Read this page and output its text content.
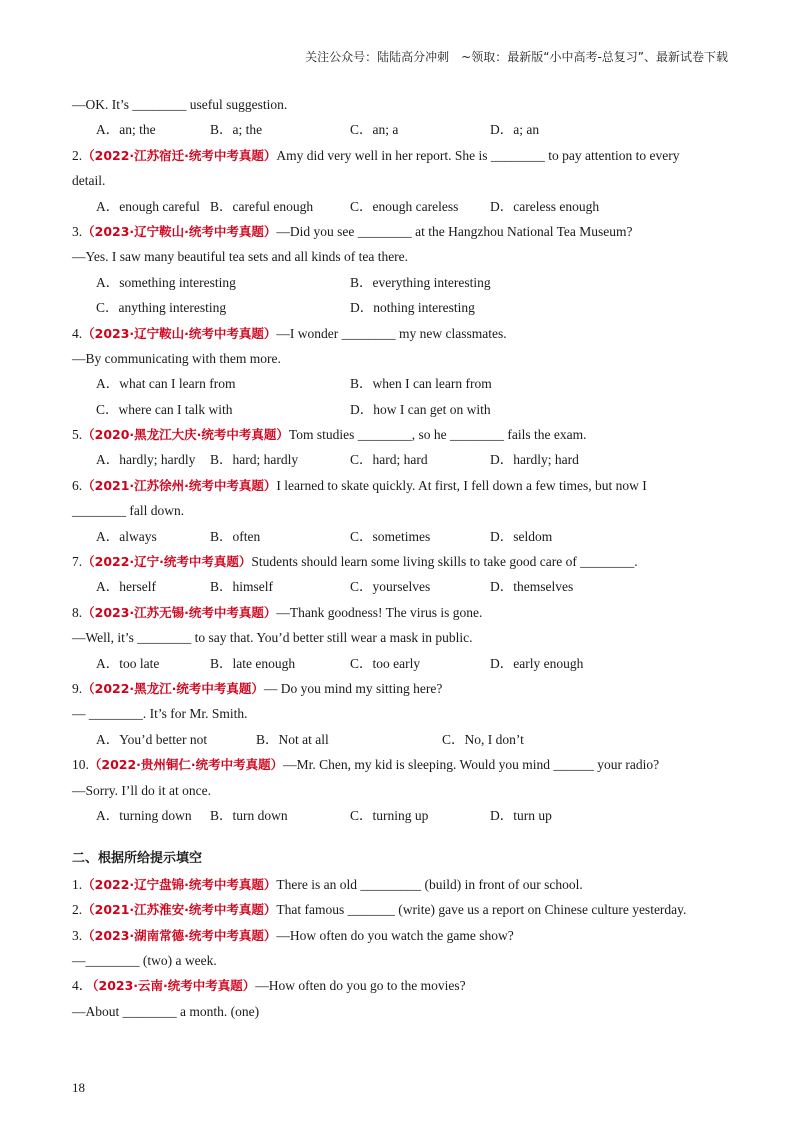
关注公众号：陆陆高分冲刺　~领取：最新版“小中高考-总复习”、最新试卷下载
—OK. It’s ________ useful suggestion.
A．an; the	B．a; the	C．an; a	D．a; an
2.（2022·江苏宿迁·统考中考真题）Amy did very well in her report. She is ________ to pay attention to every
detail.
A．enough careful B．careful enough	C．enough careless D．careless enough
3.（2023·辽宁鞍山·统考中考真题）—Did you see ________ at the Hangzhou National Tea Museum?
—Yes. I saw many beautiful tea sets and all kinds of tea there.
A．something interesting	B．everything interesting
C．anything interesting	D．nothing interesting
4.（2023·辽宁鞍山·统考中考真题）—I wonder ________ my new classmates.
—By communicating with them more.
A．what can I learn from	B．when I can learn from
C．where can I talk with	D．how I can get on with
5.（2020·黑龙江大庆·统考中考真题）Tom studies ________, so he ________ fails the exam.
A．hardly; hardly B．hard; hardly	C．hard; hard	D．hardly; hard
6.（2021·江苏徐州·统考中考真题）I learned to skate quickly. At first, I fell down a few times, but now I
________ fall down.
A．always	B．often	C．sometimes	D．seldom
7.（2022·辽宁·统考中考真题）Students should learn some living skills to take good care of ________.
A．herself	B．himself	C．yourselves	D．themselves
8.（2023·江苏无锡·统考中考真题）—Thank goodness! The virus is gone.
—Well, it’s ________ to say that. You’d better still wear a mask in public.
A．too late	B．late enough	C．too early	D．early enough
9.（2022·黑龙江·统考中考真题）— Do you mind my sitting here?
— ________. It’s for Mr. Smith.
A．You’d better not	B．Not at all	C．No, I don’t
10.（2022·贵州铜仁·统考中考真题）—Mr. Chen, my kid is sleeping. Would you mind ______ your radio?
—Sorry. I’ll do it at once.
A．turning down B．turn down	C．turning up	D．turn up
二、根据所给提示填空
1.（2022·辽宁盘锦·统考中考真题）There is an old _________ (build) in front of our school.
2.（2021·江苏淮安·统考中考真题）That famous _______ (write) gave us a report on Chinese culture yesterday.
3.（2023·湖南常德·统考中考真题）—How often do you watch the game show?
—________ (two) a week.
4．（2023·云南·统考中考真题）—How often do you go to the movies?
—About ________ a month. (one)
18
